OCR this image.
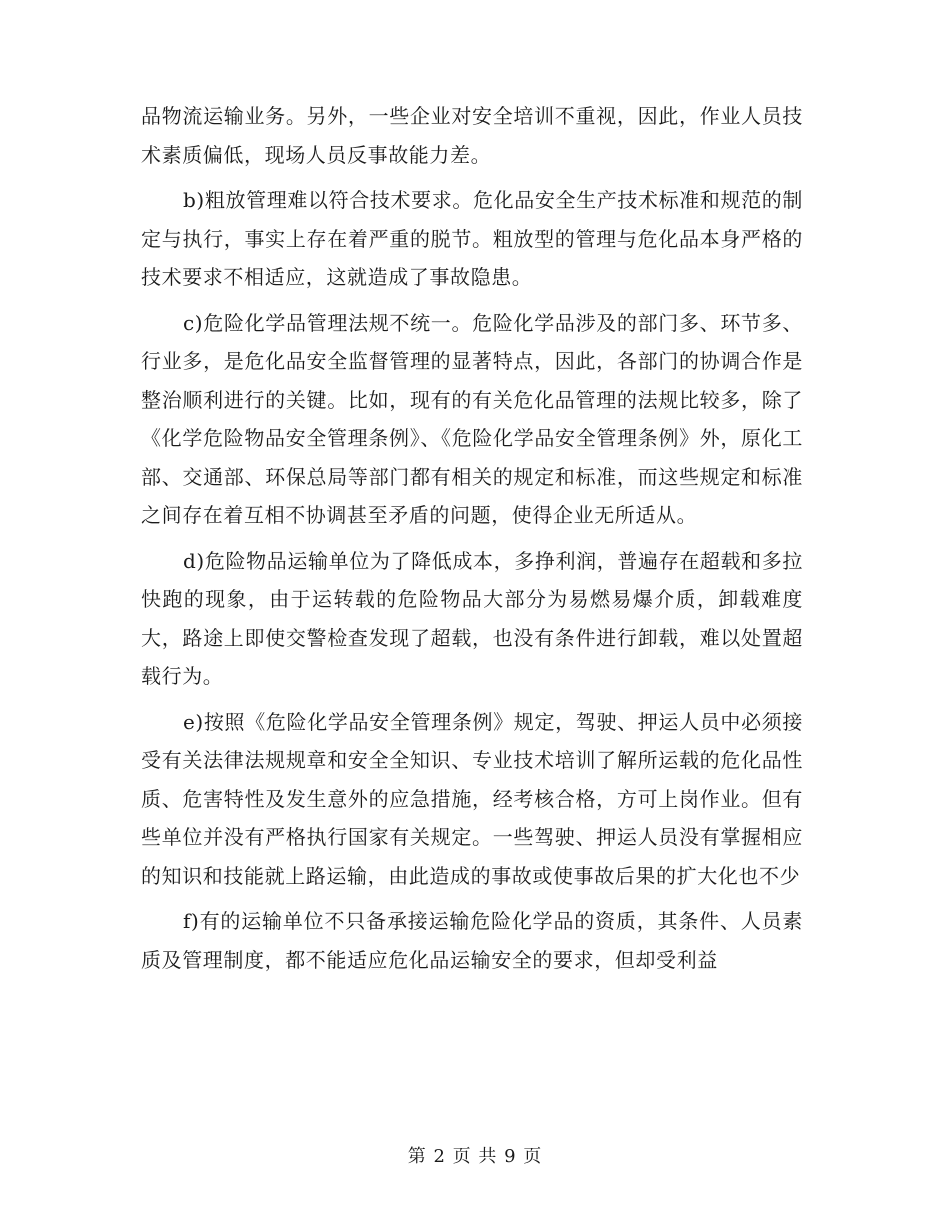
品物流运输业务。另外，一些企业对安全培训不重视，因此，作业人员技术素质偏低，现场人员反事故能力差。

b)粗放管理难以符合技术要求。危化品安全生产技术标准和规范的制定与执行，事实上存在着严重的脱节。粗放型的管理与危化品本身严格的技术要求不相适应，这就造成了事故隐患。

c)危险化学品管理法规不统一。危险化学品涉及的部门多、环节多、行业多，是危化品安全监督管理的显著特点，因此，各部门的协调合作是整治顺利进行的关键。比如，现有的有关危化品管理的法规比较多，除了《化学危险物品安全管理条例》、《危险化学品安全管理条例》外，原化工部、交通部、环保总局等部门都有相关的规定和标准，而这些规定和标准之间存在着互相不协调甚至矛盾的问题，使得企业无所适从。

d)危险物品运输单位为了降低成本，多挣利润，普遍存在超载和多拉快跑的现象，由于运转载的危险物品大部分为易燃易爆介质，卸载难度大，路途上即使交警检查发现了超载，也没有条件进行卸载，难以处置超载行为。

e)按照《危险化学品安全管理条例》规定，驾驶、押运人员中必须接受有关法律法规规章和安全全知识、专业技术培训了解所运载的危化品性质、危害特性及发生意外的应急措施，经考核合格，方可上岗作业。但有些单位并没有严格执行国家有关规定。一些驾驶、押运人员没有掌握相应的知识和技能就上路运输，由此造成的事故或使事故后果的扩大化也不少

f)有的运输单位不只备承接运输危险化学品的资质，其条件、人员素质及管理制度，都不能适应危化品运输安全的要求，但却受利益

第 2 页 共 9 页
